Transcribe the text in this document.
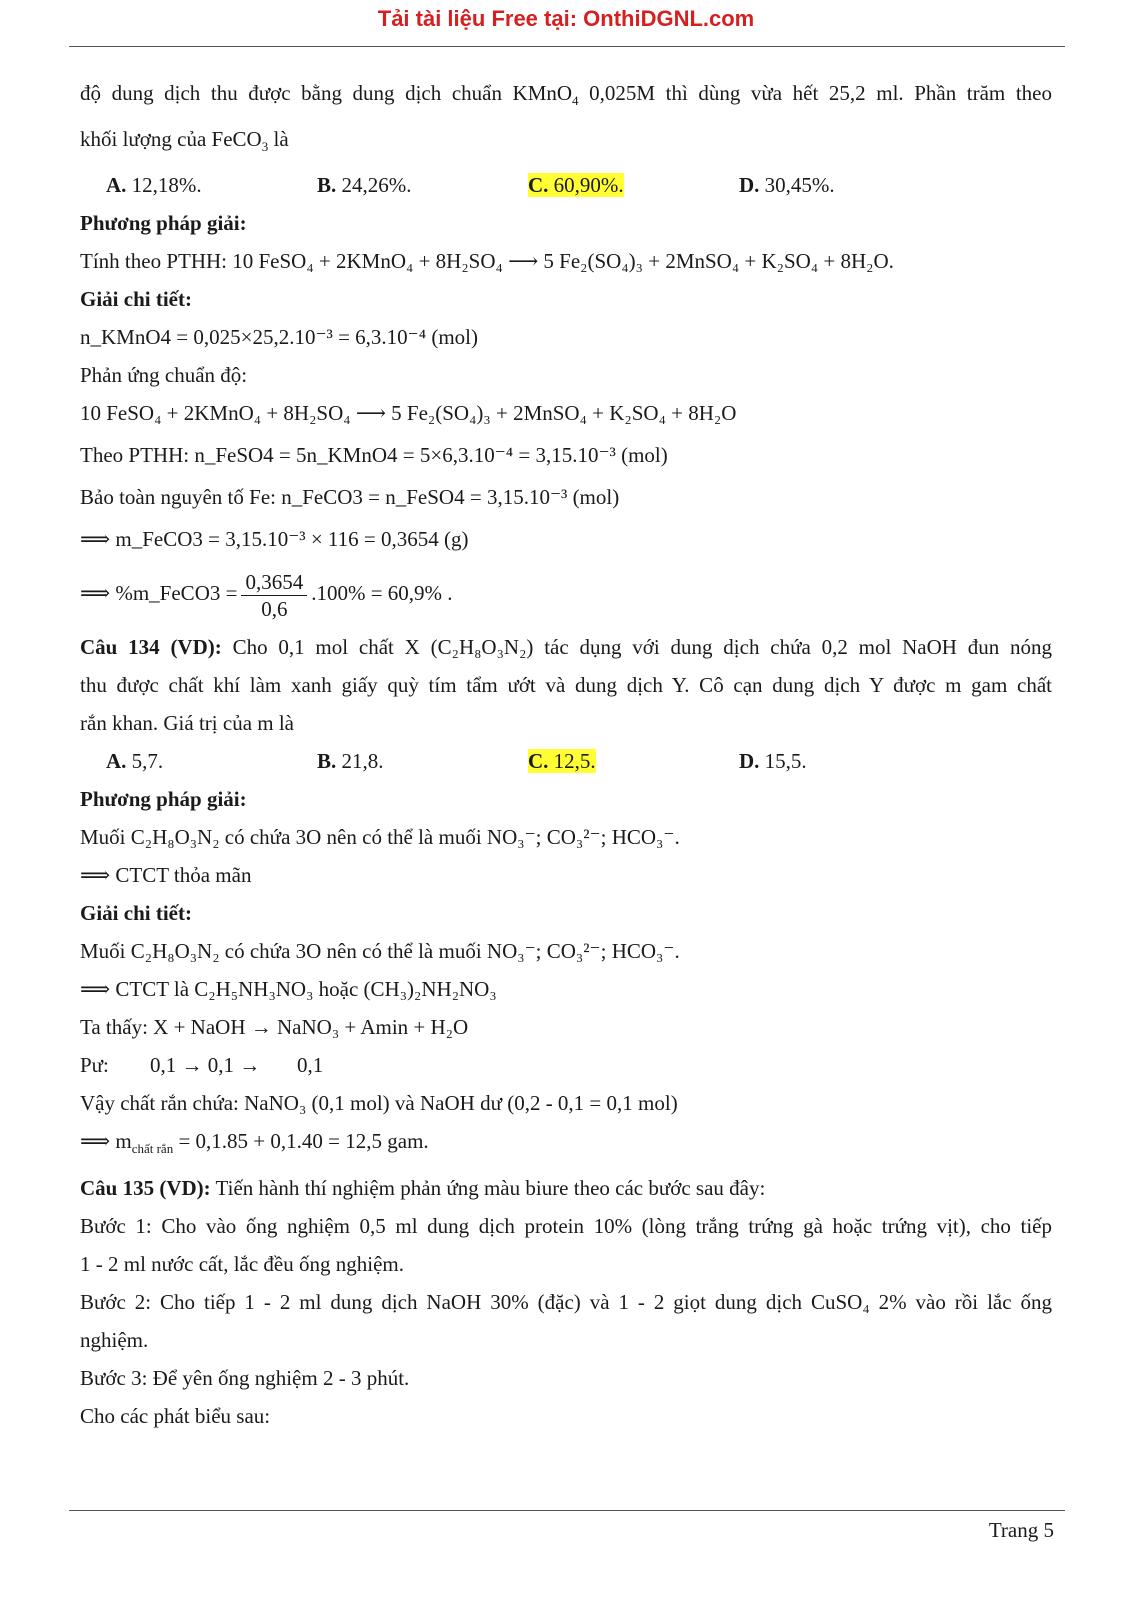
Tải tài liệu Free tại: OnthiDGNL.com
độ dung dịch thu được bằng dung dịch chuẩn KMnO$_4$ 0,025M thì dùng vừa hết 25,2 ml. Phần trăm theo
khối lượng của FeCO$_3$ là
A. 12,18%.	B. 24,26%.	C. 60,90%.	D. 30,45%.
Phương pháp giải:
Tính theo PTHH: 10 FeSO₄ + 2KMnO₄ + 8H₂SO₄ ⟶ 5 Fe₂(SO₄)₃ + 2MnSO₄ + K₂SO₄ + 8H₂O.
Giải chi tiết:
n_KMnO4 = 0,025×25,2.10⁻³ = 6,3.10⁻⁴ (mol)
Phản ứng chuẩn độ:
10 FeSO₄ + 2KMnO₄ + 8H₂SO₄ ⟶ 5 Fe₂(SO₄)₃ + 2MnSO₄ + K₂SO₄ + 8H₂O
Theo PTHH: n_FeSO4 = 5n_KMnO4 = 5×6,3.10⁻⁴ = 3,15.10⁻³ (mol)
Bảo toàn nguyên tố Fe: n_FeCO3 = n_FeSO4 = 3,15.10⁻³ (mol)
⟹ m_FeCO3 = 3,15.10⁻³ × 116 = 0,3654 (g)
⟹ %m_FeCO3 = $\frac{0,3654}{0,6} .100\% = 60,9\%$ .
Câu 134 (VD): Cho 0,1 mol chất X (C₂H₈O₃N₂) tác dụng với dung dịch chứa 0,2 mol NaOH đun nóng
thu được chất khí làm xanh giấy quỳ tím tẩm ướt và dung dịch Y. Cô cạn dung dịch Y được m gam chất
rắn khan. Giá trị của m là
A. 5,7.	B. 21,8.	C. 12,5.	D. 15,5.
Phương pháp giải:
Muối C₂H₈O₃N₂ có chứa 3O nên có thể là muối NO₃⁻; CO₃²⁻; HCO₃⁻.
⟹ CTCT thỏa mãn
Giải chi tiết:
Muối C₂H₈O₃N₂ có chứa 3O nên có thể là muối NO₃⁻; CO₃²⁻; HCO₃⁻.
⟹ CTCT là C₂H₅NH₃NO₃ hoặc (CH₃)₂NH₂NO₃
Ta thấy: X + NaOH → NaNO₃ + Amin + H₂O
Pư: 0,1 → 0,1 →       0,1
Vậy chất rắn chứa: NaNO₃ (0,1 mol) và NaOH dư (0,2 - 0,1 = 0,1 mol)
⟹ $m_{chất rắn} = 0,1.85 + 0,1.40 = 12,5$ gam.
Câu 135 (VD): Tiến hành thí nghiệm phản ứng màu biure theo các bước sau đây:
Bước 1: Cho vào ống nghiệm 0,5 ml dung dịch protein 10% (lòng trắng trứng gà hoặc trứng vịt), cho tiếp
1 - 2 ml nước cất, lắc đều ống nghiệm.
Bước 2: Cho tiếp 1 - 2 ml dung dịch NaOH 30% (đặc) và 1 - 2 giọt dung dịch CuSO₄ 2% vào rồi lắc ống
nghiệm.
Bước 3: Để yên ống nghiệm 2 - 3 phút.
Cho các phát biểu sau:
Trang 5
